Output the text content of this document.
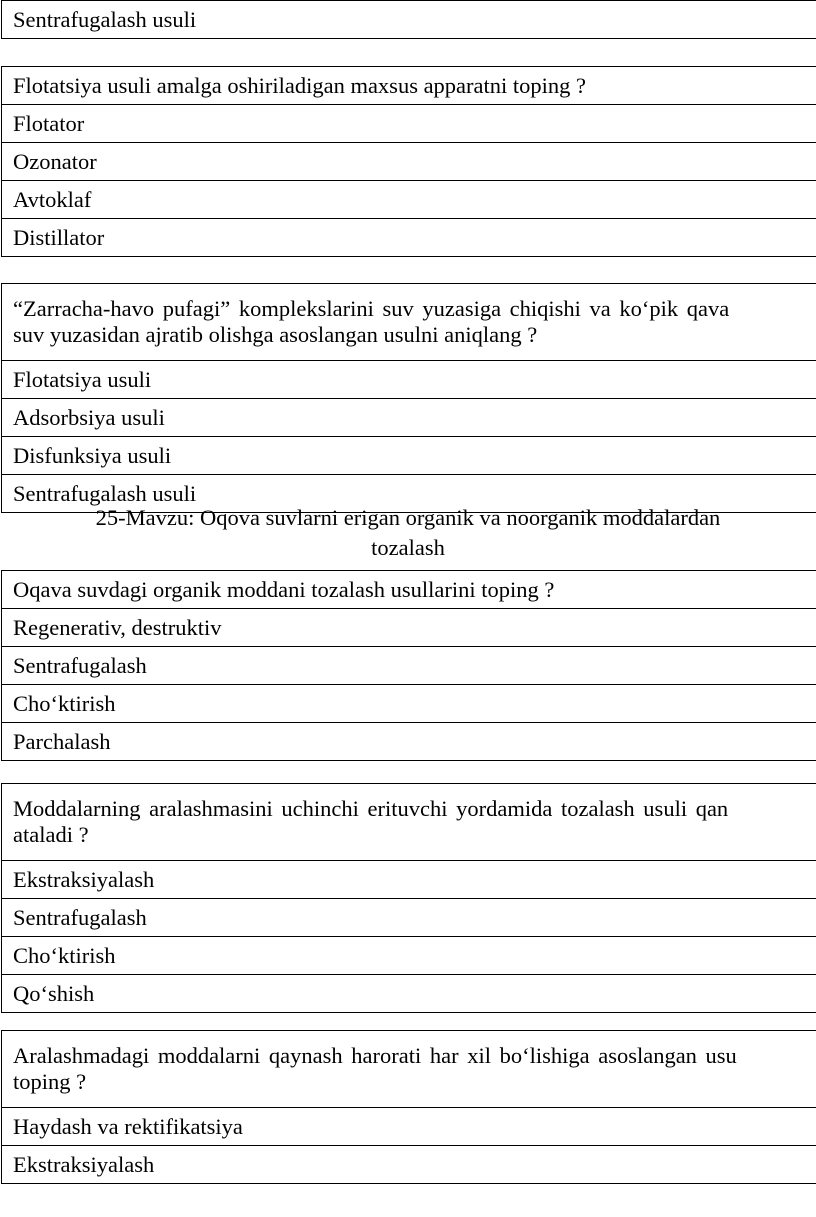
Sentrafugalash usuli
Flotatsiya usuli amalga oshiriladigan maxsus apparatni toping ?
Flotator
Ozonator
Avtoklaf
Distillator
“Zarracha-havo pufagi” komplekslarini suv yuzasiga chiqishi va ko‘pik qava
suv yuzasidan ajratib olishga asoslangan usulni aniqlang ?

Flotatsiya usuli
Adsorbsiya usuli
Disfunksiya usuli
Sentrafugalash usuli
25-Mavzu: Oqova suvlarni erigan organik va noorganik moddalardan
tozalash
Oqava suvdagi organik moddani tozalash usullarini toping ?
Regenerativ, destruktiv
Sentrafugalash
Cho‘ktirish
Parchalash
Moddalarning aralashmasini uchinchi erituvchi yordamida tozalash usuli qan
ataladi ?

Ekstraksiyalash
Sentrafugalash
Cho‘ktirish
Qo‘shish
Aralashmadagi moddalarni qaynash harorati har xil bo‘lishiga asoslangan usu
toping ?

Haydash va rektifikatsiya
Ekstraksiyalash
